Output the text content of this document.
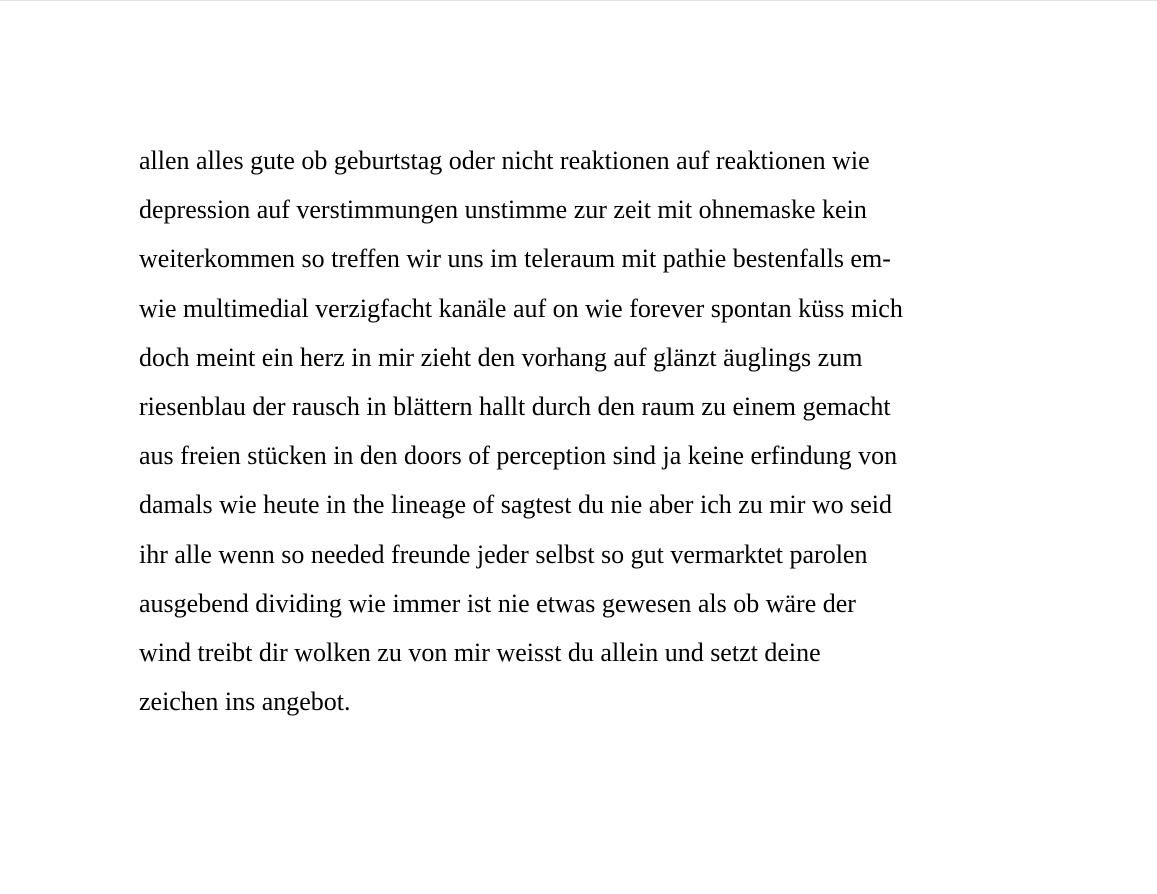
allen alles gute ob geburtstag oder nicht reaktionen auf reaktionen wie
depression auf verstimmungen unstimme zur zeit mit ohnemaske kein
weiterkommen so treffen wir uns im teleraum mit pathie bestenfalls em-
wie multimedial verzigfacht kanäle auf on wie forever spontan küss mich
doch meint ein herz in mir zieht den vorhang auf glänzt äuglings zum
riesenblau der rausch in blättern hallt durch den raum zu einem gemacht
aus freien stücken in den doors of perception sind ja keine erfindung von
damals wie heute in the lineage of sagtest du nie aber ich zu mir wo seid
ihr alle wenn so needed freunde jeder selbst so gut vermarktet parolen
ausgebend dividing wie immer ist nie etwas gewesen als ob wäre der
wind treibt dir wolken zu von mir weisst du allein und setzt deine
zeichen ins angebot.
